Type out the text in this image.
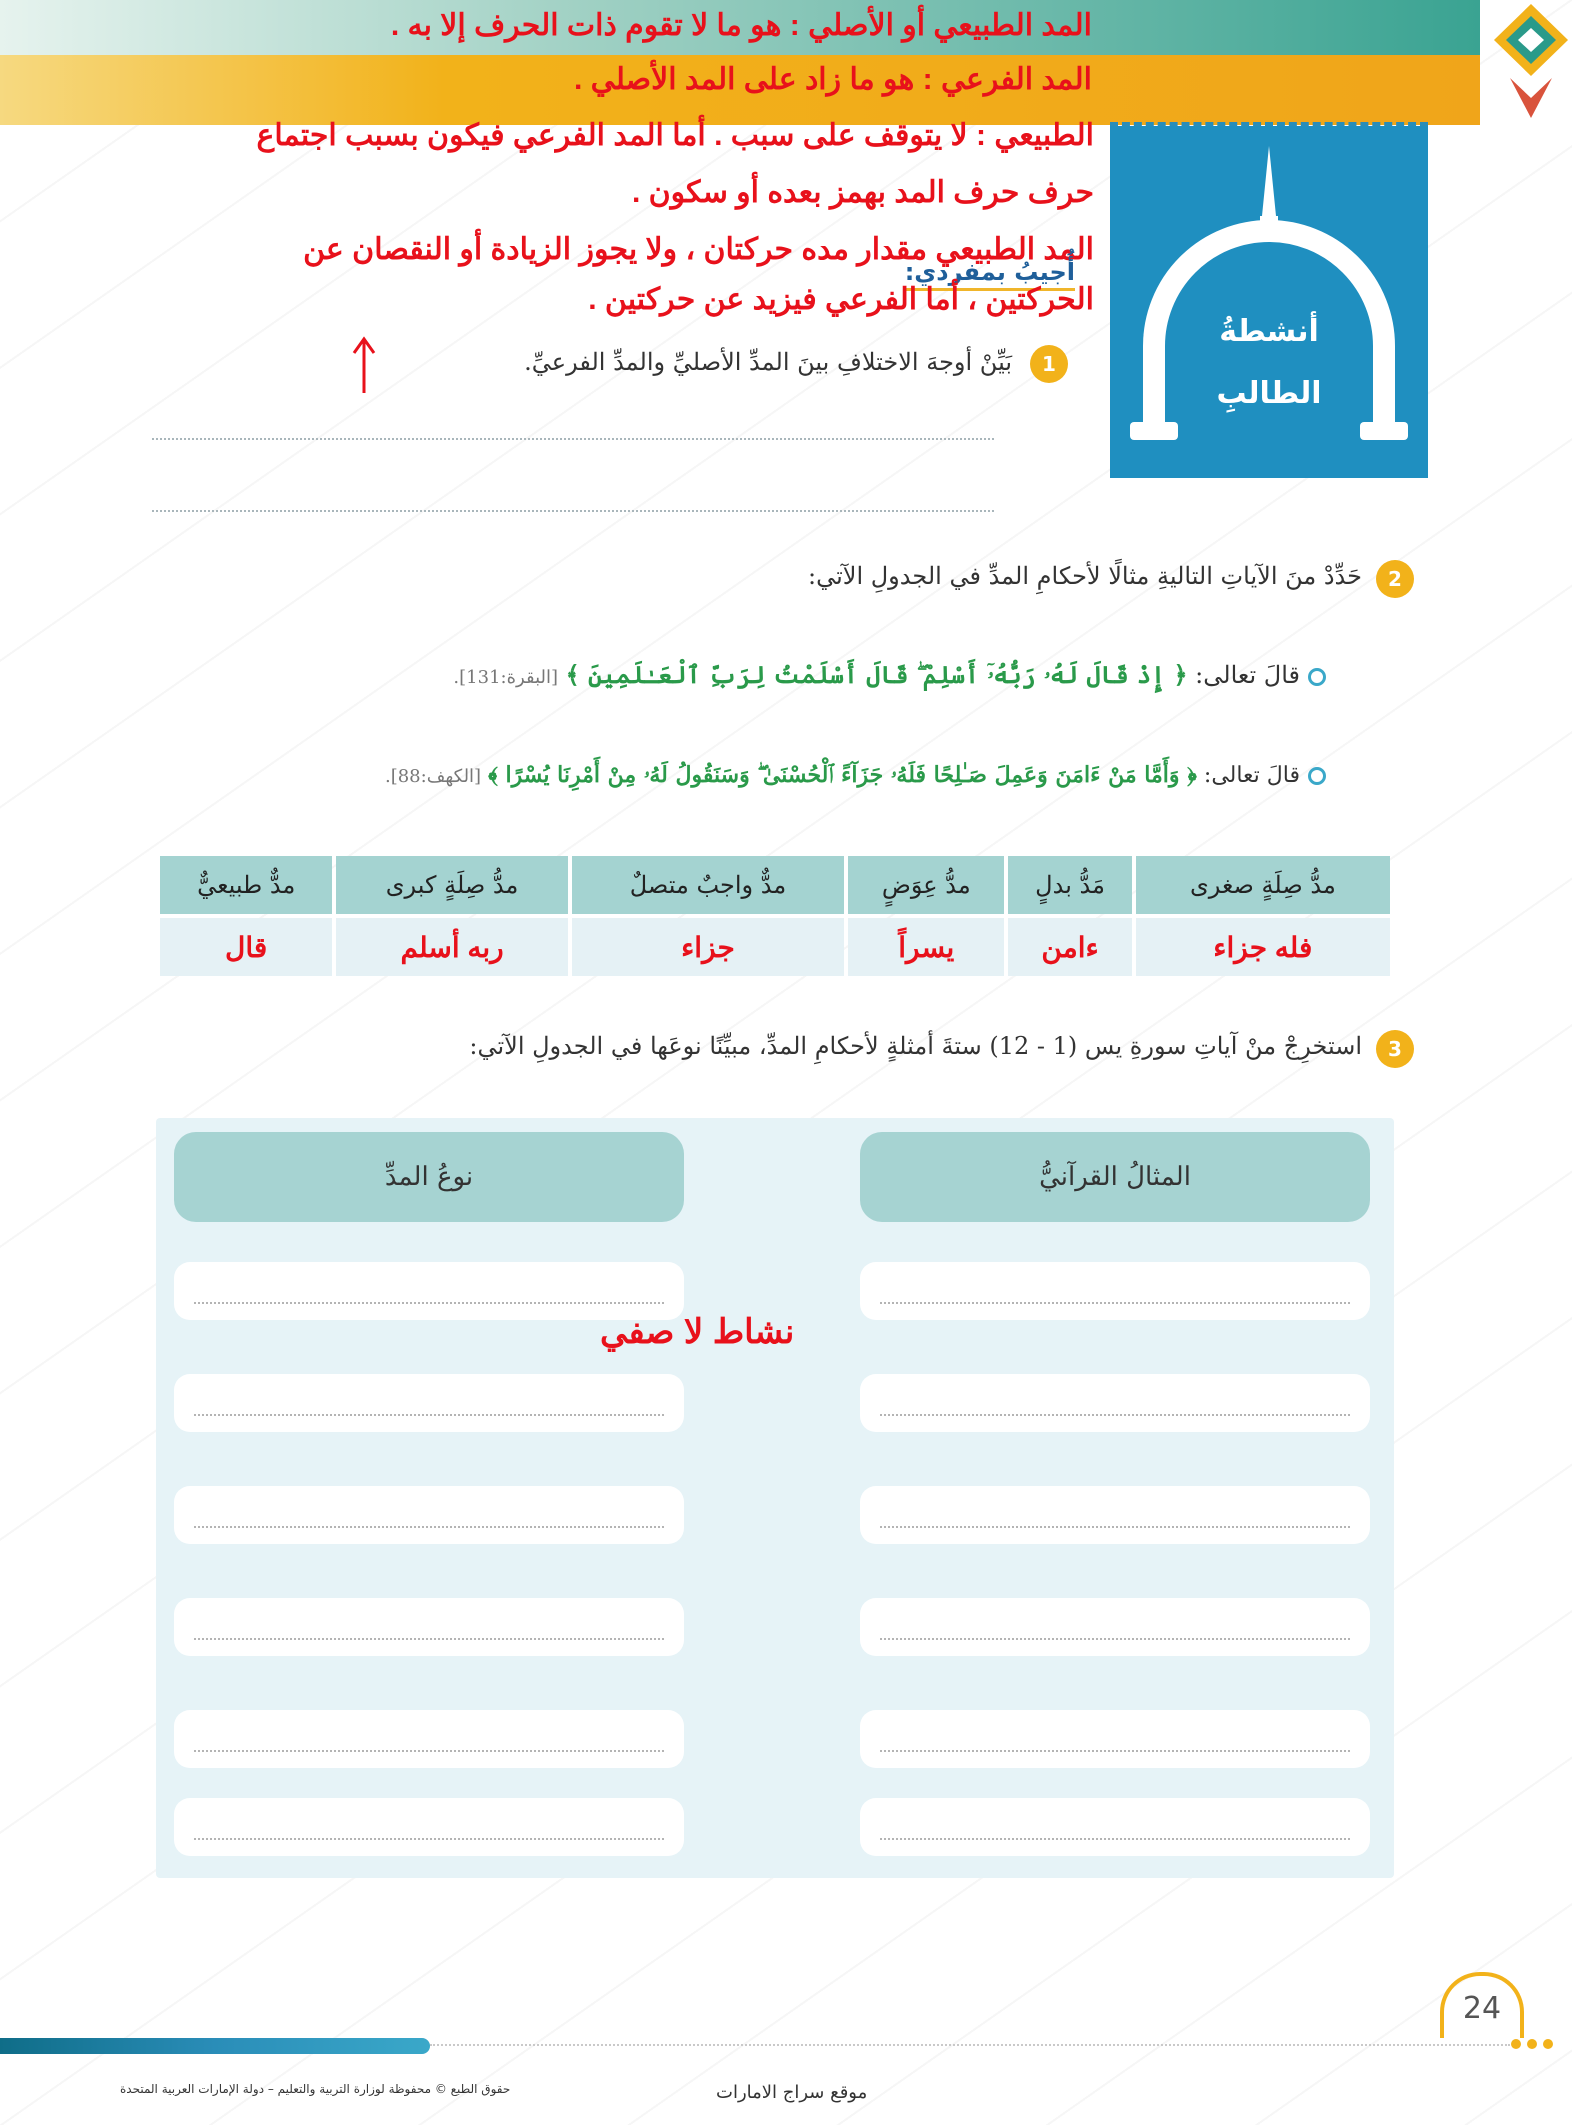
المد الطبيعي أو الأصلي : هو ما لا تقوم ذات الحرف إلا به .
المد الفرعي : هو ما زاد على المد الأصلي .
أنشطةُ
الطالبِ
الطبيعي : لا يتوقف على سبب . أما المد الفرعي فيكون بسبب اجتماع
حرف حرف المد بهمز بعده أو سكون .
المد الطبيعي مقدار مده حركتان ، ولا يجوز الزيادة أو النقصان عن
أُجيبُ بمفردي:
الحركتين ، أما الفرعي فيزيد عن حركتين .
1
بَيِّنْ أوجهَ الاختلافِ بينَ المدِّ الأصليِّ والمدِّ الفرعيِّ.
2
حَدِّدْ منَ الآياتِ التاليةِ مثالًا لأحكامِ المدِّ في الجدولِ الآتي:
قالَ تعالى: ﴿ إِذْ قَالَ لَهُۥ رَبُّهُۥٓ أَسْلِمْ ۖ قَالَ أَسْلَمْتُ لِرَبِّ ٱلْعَـٰلَمِينَ ﴾ [البقرة:131].
قالَ تعالى: ﴿ وَأَمَّا مَنْ ءَامَنَ وَعَمِلَ صَـٰلِحًا فَلَهُۥ جَزَآءً ٱلْحُسْنَىٰ ۖ وَسَنَقُولُ لَهُۥ مِنْ أَمْرِنَا يُسْرًا ﴾ [الكهف:88].
مدُّ صِلَةٍ صغرى	مَدُّ بدلٍ	مدُّ عِوَضٍ	مدٌّ واجبٌ متصلٌ	مدُّ صِلَةٍ كبرى	مدٌّ طبيعيٌّ
فله جزاء	ءامن	يسراً	جزاء	ربه أسلم	قال
3
استخرِجْ منْ آياتِ سورةِ يس (1 - 12) ستةَ أمثلةٍ لأحكامِ المدِّ، مبيِّنًا نوعَها في الجدولِ الآتي:
المثالُ القرآنيُّ
نوعُ المدِّ
نشاط لا صفي
24
حقوق الطبع © محفوظة لوزارة التربية والتعليم – دولة الإمارات العربية المتحدة	موقع سراج الامارات
